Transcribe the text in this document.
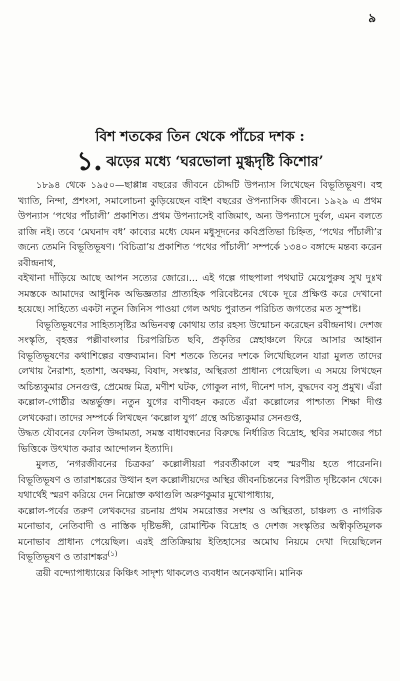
৯
বিশ শতকের তিন থেকে পাঁচের দশক :
১. ঝড়ের মধ্যে ‘ঘরভোলা মুগ্ধদৃষ্টি কিশোর’

১৮৯৪ থেকে ১৯৫০—ছাপ্পান্ন বছরের জীবনে চৌদ্দটি উপন্যাস লিখেছেন বিভূতিভূষণ। বহু খ্যাতি, নিন্দা, প্রশংসা, সমালোচনা কুড়িয়েছেন বাইশ বছরের ঔপন্যাসিক জীবনে। ১৯২৯ এ প্রথম উপন্যাস ‘পথের পাঁচালী’ প্রকাশিত। প্রথম উপন্যাসেই বাজিমাৎ, অন্য উপন্যাসে দুর্বল, এমন বলতে রাজি নই। তবে ‘মেঘনাদ বধ’ কাব্যের মধ্যে যেমন মধুসূদনের কবিপ্রতিভা চিহ্নিত, ‘পথের পাঁচালী’র জন্যে তেমনি বিভূতিভূষণ। ‘বিচিত্রা’য় প্রকাশিত ‘পথের পাঁচালী’ সম্পর্কে ১৩৪০ বঙ্গাব্দে মন্তব্য করেন রবীন্দ্রনাথ,

বইখানা দাঁড়িয়ে আছে আপন সত্যের জোরে।... এই গল্পে গাছপালা পথঘাট মেয়েপুরুষ সুখ দুঃখ সমস্তকে আমাদের আধুনিক অভিজ্ঞতার প্রাত্যহিক পরিবেষ্টনের থেকে দূরে প্রক্ষিপ্ত করে দেখানো হয়েছে। সাহিত্যে একটা নতুন জিনিস পাওয়া গেল অথচ পুরাতন পরিচিত জগতের মত সুস্পষ্ট।

বিভূতিভূষণের সাহিত্যসৃষ্টির অভিনবত্ব কোথায় তার রহস্য উন্মোচন করেছেন রবীন্দ্রনাথ। দেশজ সংস্কৃতি, বৃহত্তর পল্লীবাংলার চিরপরিচিত ছবি, প্রকৃতির স্নেহাঞ্চলে ফিরে আসার আহ্বান বিভূতিভূষণের কথাশিল্পের বক্তব্যমান। বিশ শতকে তিনের দশকে লিখেছিলেন যারা মুলত তাদের লেখায় নৈরাশ্য, হতাশা, অবক্ষয়, বিষাদ, সংস্কার, অস্থিরতা প্রাধান্য পেয়েছিল। এ সময়ে লিখছেন অচিন্ত্যকুমার সেনগুপ্ত, প্রেমেন্দ্র মিত্র, মণীশ ঘটক, গোকুল নাগ, দীনেশ দাস, বুদ্ধদেব বসু প্রমুখ। এঁরা কল্লোল-গোষ্ঠীর অন্তর্ভুক্ত। নতুন যুগের বাণীবহন করতে এঁরা কল্লোলের পাশ্চাত্য শিক্ষা দীপ্ত লেখকেরা। তাদের সম্পর্কে লিখছেন ‘কল্লোল যুগ’ গ্রন্থে অচিন্ত্যকুমার সেনগুপ্ত,

উদ্ধত যৌবনের ফেনিল উদ্দামতা, সমস্ত বাধাবন্ধনের বিরুদ্ধে নির্ধারিত বিদ্রোহ, স্থবির সমাজের পচা ভিত্তিকে উৎখাত করার আন্দোলন ইত্যাদি।

মুলত, ‘নগরজীবনের চিত্রকর’ কল্লোলীয়রা পরবর্তীকালে বহু স্মরণীয় হতে পারেননি। বিভূতিভূষণ ও তারাশঙ্করের উত্থান হল কল্লোলীয়দের অস্থির জীবনচিন্তনের বিপরীত দৃষ্টিকোন থেকে। যথার্থেই স্মরণ করিয়ে দেন নিম্নোক্ত কথাগুলি অরুণকুমার মুখোপাধ্যায়,

কল্লোল-পর্বের তরুণ লেখকদের রচনায় প্রথম সমরোত্তর সংশয় ও অস্থিরতা, চাঞ্চল্য ও নাগরিক মনোভাব, নেতিবাদী ও নাস্তিক দৃষ্টিভঙ্গী, রোমান্টিক বিদ্রোহ ও দেশজ সংস্কৃতির অস্বীকৃতিমূলক মনোভাব প্রাধান্য পেয়েছিল। এরই প্রতিক্রিয়ায় ইতিহাসের অমোঘ নিয়মে দেখা দিয়েছিলেন বিভূতিভূষণ ও তারাশঙ্কর$^{(১)}$

ত্রয়ী বন্দ্যোপাধ্যায়ের কিঞ্চিৎ সাদৃশ্য থাকলেও ব্যবধান অনেকখানি। মানিক
